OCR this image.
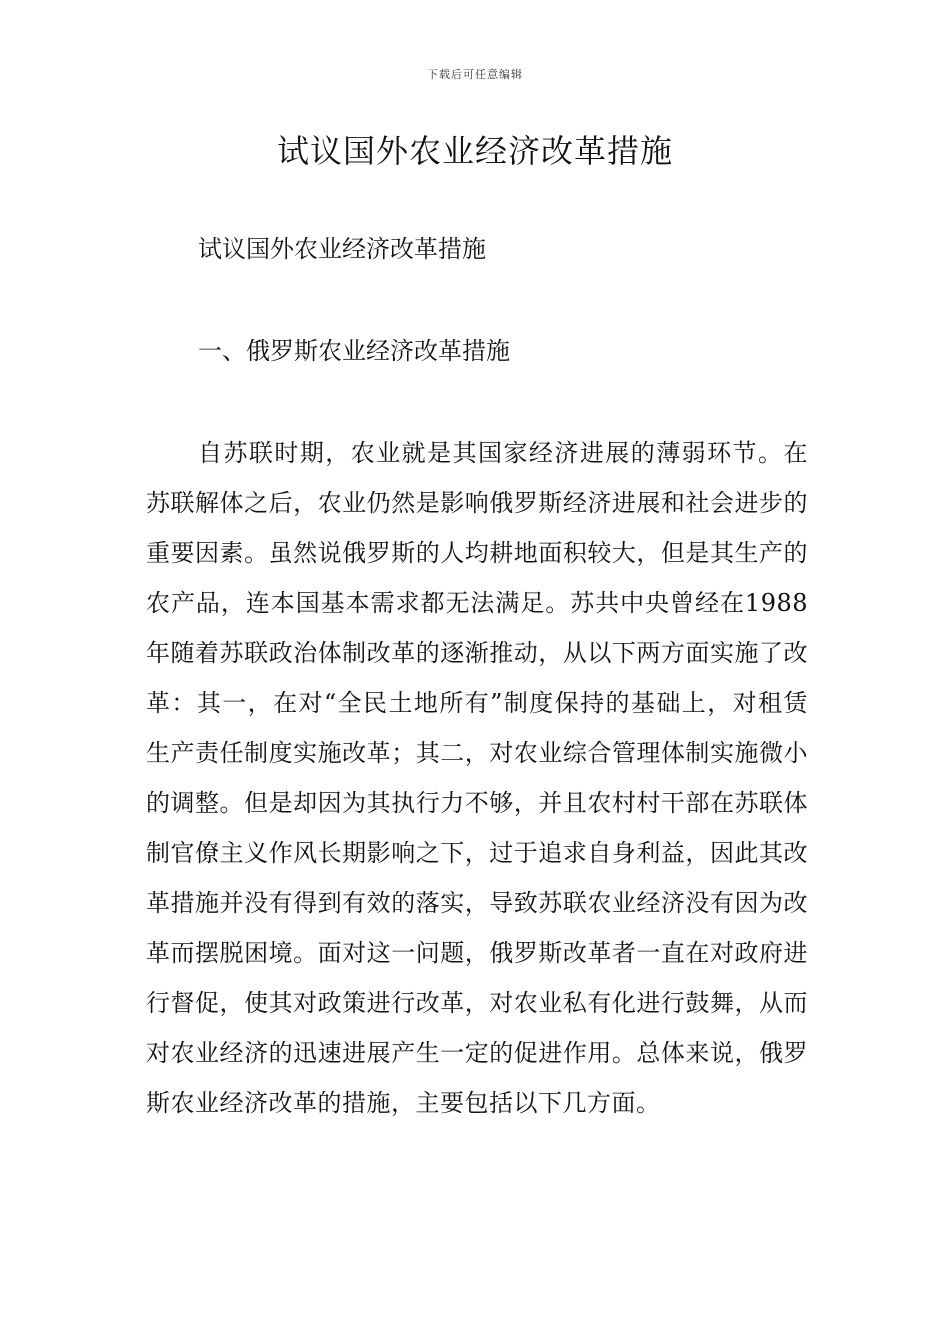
下载后可任意编辑
试议国外农业经济改革措施

试议国外农业经济改革措施

一、俄罗斯农业经济改革措施

自苏联时期，农业就是其国家经济进展的薄弱环节。在苏联解体之后，农业仍然是影响俄罗斯经济进展和社会进步的重要因素。虽然说俄罗斯的人均耕地面积较大，但是其生产的农产品，连本国基本需求都无法满足。苏共中央曾经在1988年随着苏联政治体制改革的逐渐推动，从以下两方面实施了改革：其一，在对“全民土地所有”制度保持的基础上，对租赁生产责任制度实施改革；其二，对农业综合管理体制实施微小的调整。但是却因为其执行力不够，并且农村村干部在苏联体制官僚主义作风长期影响之下，过于追求自身利益，因此其改革措施并没有得到有效的落实，导致苏联农业经济没有因为改革而摆脱困境。面对这一问题，俄罗斯改革者一直在对政府进行督促，使其对政策进行改革，对农业私有化进行鼓舞，从而对农业经济的迅速进展产生一定的促进作用。总体来说，俄罗斯农业经济改革的措施，主要包括以下几方面。
